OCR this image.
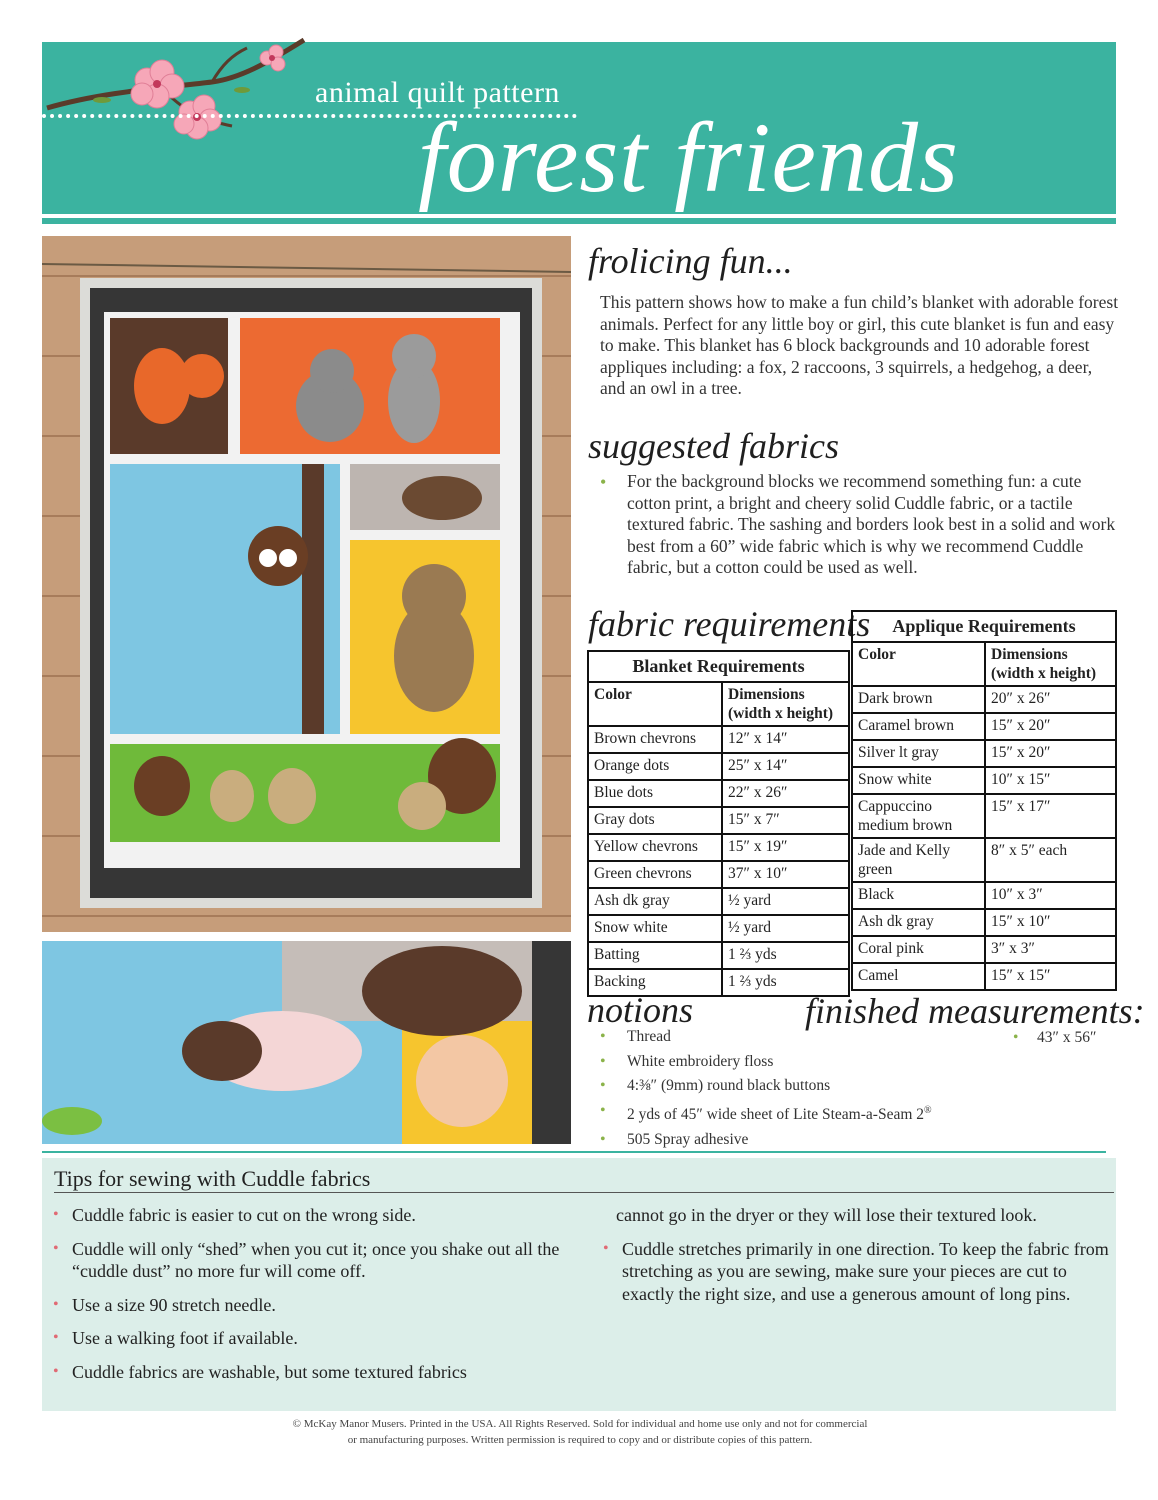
animal quilt pattern
forest friends
frolicing fun...
This pattern shows how to make a fun child’s blanket with adorable forest animals. Perfect for any little boy or girl, this cute blanket is fun and easy to make. This blanket has 6 block backgrounds and 10 adorable forest appliques including: a fox, 2 raccoons, 3 squirrels, a hedgehog, a deer, and an owl in a tree.
suggested fabrics
•	For the background blocks we recommend something fun: a cute cotton print, a bright and cheery solid Cuddle fabric, or a tactile textured fabric. The sashing and borders look best in a solid and work best from a 60” wide fabric which is why we recommend Cuddle fabric, but a cotton could be used as well.
fabric requirements
Blanket Requirements	
Color	Dimensions (width x height)
Brown chevrons	12″ x 14″
Orange dots	25″ x 14″
Blue dots	22″ x 26″
Gray dots	15″ x 7″
Yellow chevrons	15″ x 19″
Green chevrons	37″ x 10″
Ash dk gray	½ yard
Snow white	½ yard
Batting	1 ⅔ yds
Backing	1 ⅔ yds
Applique Requirements	
Color	Dimensions (width x height)
Dark brown	20″ x 26″
Caramel brown	15″ x 20″
Silver lt gray	15″ x 20″
Snow white	10″ x 15″
Cappuccino medium brown	15″ x 17″
Jade and Kelly green	8″ x 5″ each
Black	10″ x 3″
Ash dk gray	15″ x 10″
Coral pink	3″ x 3″
Camel	15″ x 15″
notions
• Thread
• White embroidery floss
• 4:⅜″ (9mm) round black buttons
• 2 yds of 45″ wide sheet of Lite Steam-a-Seam 2®
• 505 Spray adhesive
finished measurements:
• 43″ x 56″
Tips for sewing with Cuddle fabrics
• Cuddle fabric is easier to cut on the wrong side.
• Cuddle will only “shed” when you cut it; once you shake out all the “cuddle dust” no more fur will come off.
• Use a size 90 stretch needle.
• Use a walking foot if available.
• Cuddle fabrics are washable, but some textured fabrics
cannot go in the dryer or they will lose their textured look.
• Cuddle stretches primarily in one direction. To keep the fabric from stretching as you are sewing, make sure your pieces are cut to exactly the right size, and use a generous amount of long pins.
© McKay Manor Musers. Printed in the USA. All Rights Reserved. Sold for individual and home use only and not for commercial
or manufacturing purposes. Written permission is required to copy and or distribute copies of this pattern.
